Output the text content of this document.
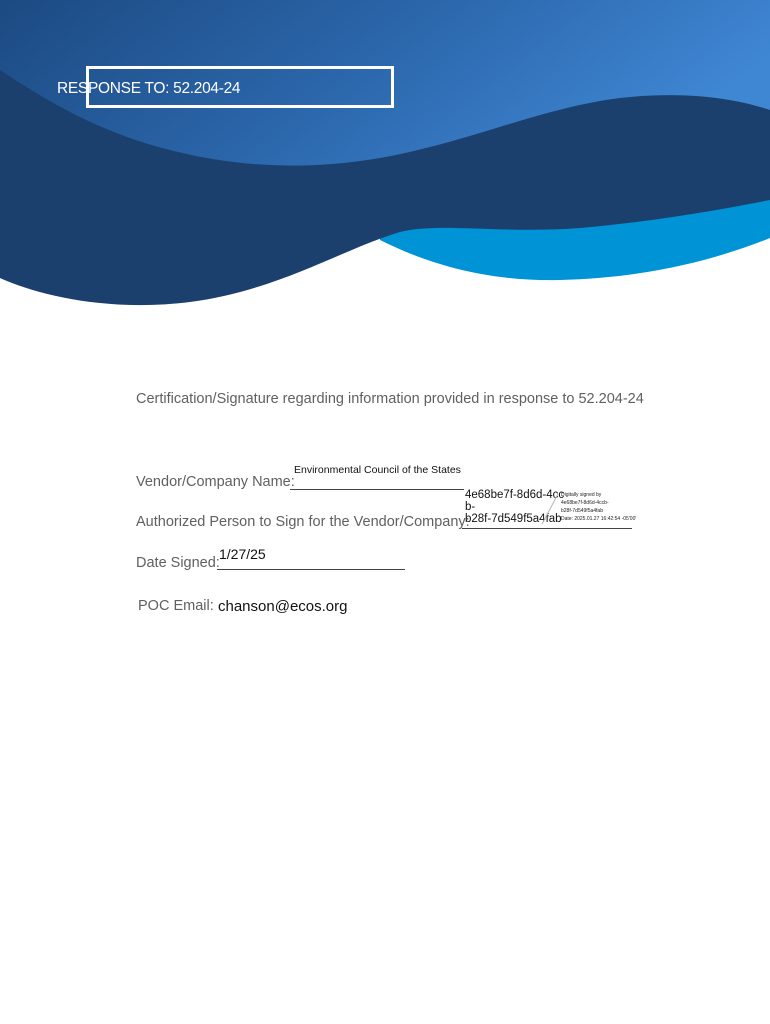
RESPONSE TO: 52.204-24
Certification/Signature regarding information provided in response to 52.204-24
Vendor/Company Name:
Environmental Council of the States
Authorized Person to Sign for the Vendor/Company:
4e68be7f-8d6d-4cc
b-
b28f-7d549f5a4fab
Digitally signed by
4e68be7f-8d6d-4ccb-
b28f-7d549f5a4fab
Date: 2025.01.27 16:42:54 -05'00'
Date Signed:
1/27/25
POC Email: chanson@ecos.org
